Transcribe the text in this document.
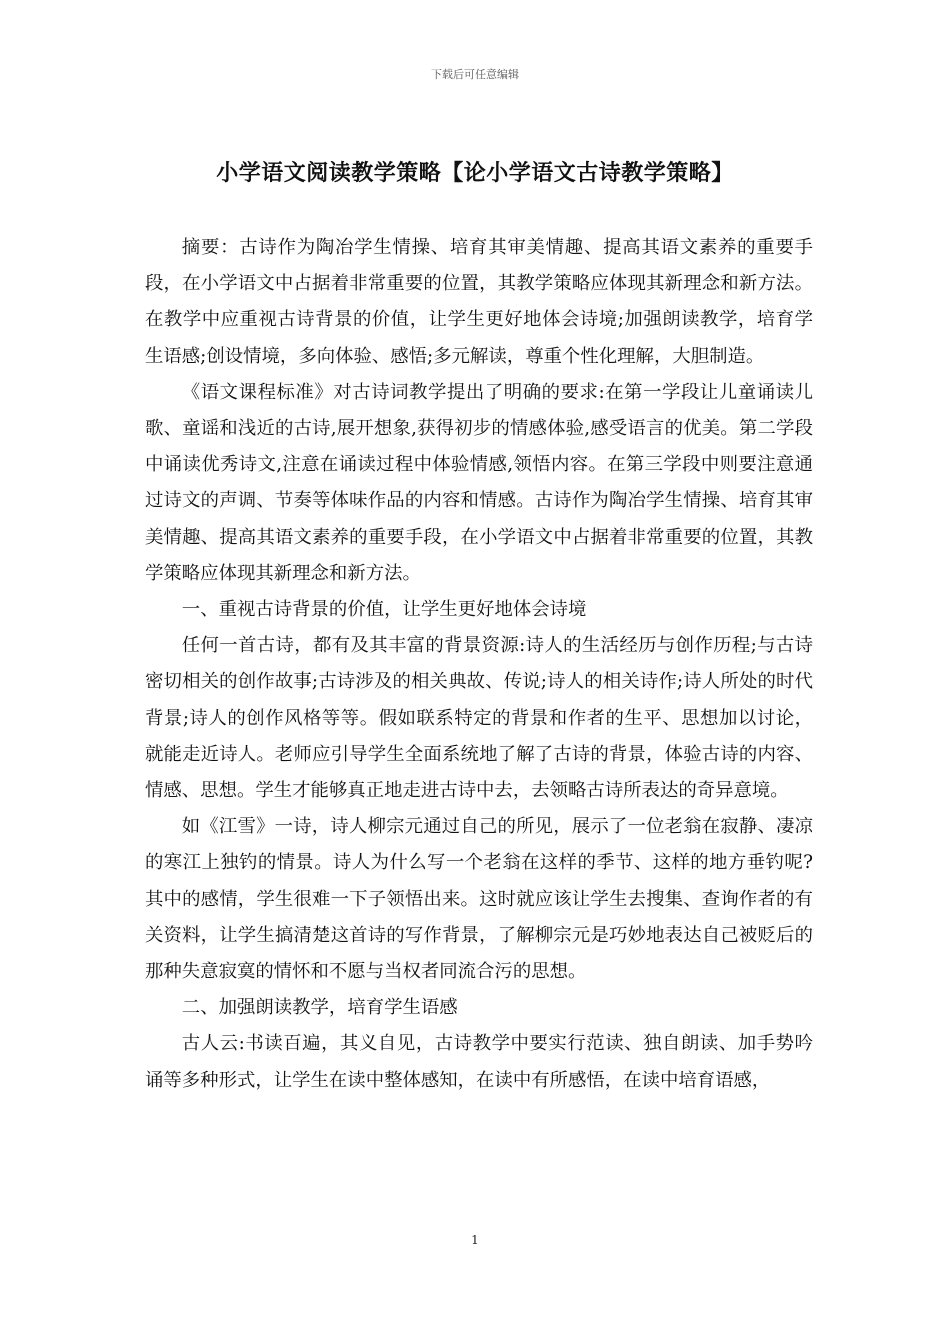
下载后可任意编辑
小学语文阅读教学策略【论小学语文古诗教学策略】

摘要：古诗作为陶冶学生情操、培育其审美情趣、提高其语文素养的重要手段，在小学语文中占据着非常重要的位置，其教学策略应体现其新理念和新方法。在教学中应重视古诗背景的价值，让学生更好地体会诗境;加强朗读教学，培育学生语感;创设情境，多向体验、感悟;多元解读，尊重个性化理解，大胆制造。

《语文课程标准》对古诗词教学提出了明确的要求:在第一学段让儿童诵读儿歌、童谣和浅近的古诗,展开想象,获得初步的情感体验,感受语言的优美。第二学段中诵读优秀诗文,注意在诵读过程中体验情感,领悟内容。在第三学段中则要注意通过诗文的声调、节奏等体味作品的内容和情感。古诗作为陶冶学生情操、培育其审美情趣、提高其语文素养的重要手段，在小学语文中占据着非常重要的位置，其教学策略应体现其新理念和新方法。

一、重视古诗背景的价值，让学生更好地体会诗境

任何一首古诗，都有及其丰富的背景资源:诗人的生活经历与创作历程;与古诗密切相关的创作故事;古诗涉及的相关典故、传说;诗人的相关诗作;诗人所处的时代背景;诗人的创作风格等等。假如联系特定的背景和作者的生平、思想加以讨论，就能走近诗人。老师应引导学生全面系统地了解了古诗的背景，体验古诗的内容、情感、思想。学生才能够真正地走进古诗中去，去领略古诗所表达的奇异意境。

如《江雪》一诗，诗人柳宗元通过自己的所见，展示了一位老翁在寂静、凄凉的寒江上独钓的情景。诗人为什么写一个老翁在这样的季节、这样的地方垂钓呢?其中的感情，学生很难一下子领悟出来。这时就应该让学生去搜集、查询作者的有关资料，让学生搞清楚这首诗的写作背景，了解柳宗元是巧妙地表达自己被贬后的那种失意寂寞的情怀和不愿与当权者同流合污的思想。

二、加强朗读教学，培育学生语感

古人云:书读百遍，其义自见，古诗教学中要实行范读、独自朗读、加手势吟诵等多种形式，让学生在读中整体感知，在读中有所感悟，在读中培育语感，

1
